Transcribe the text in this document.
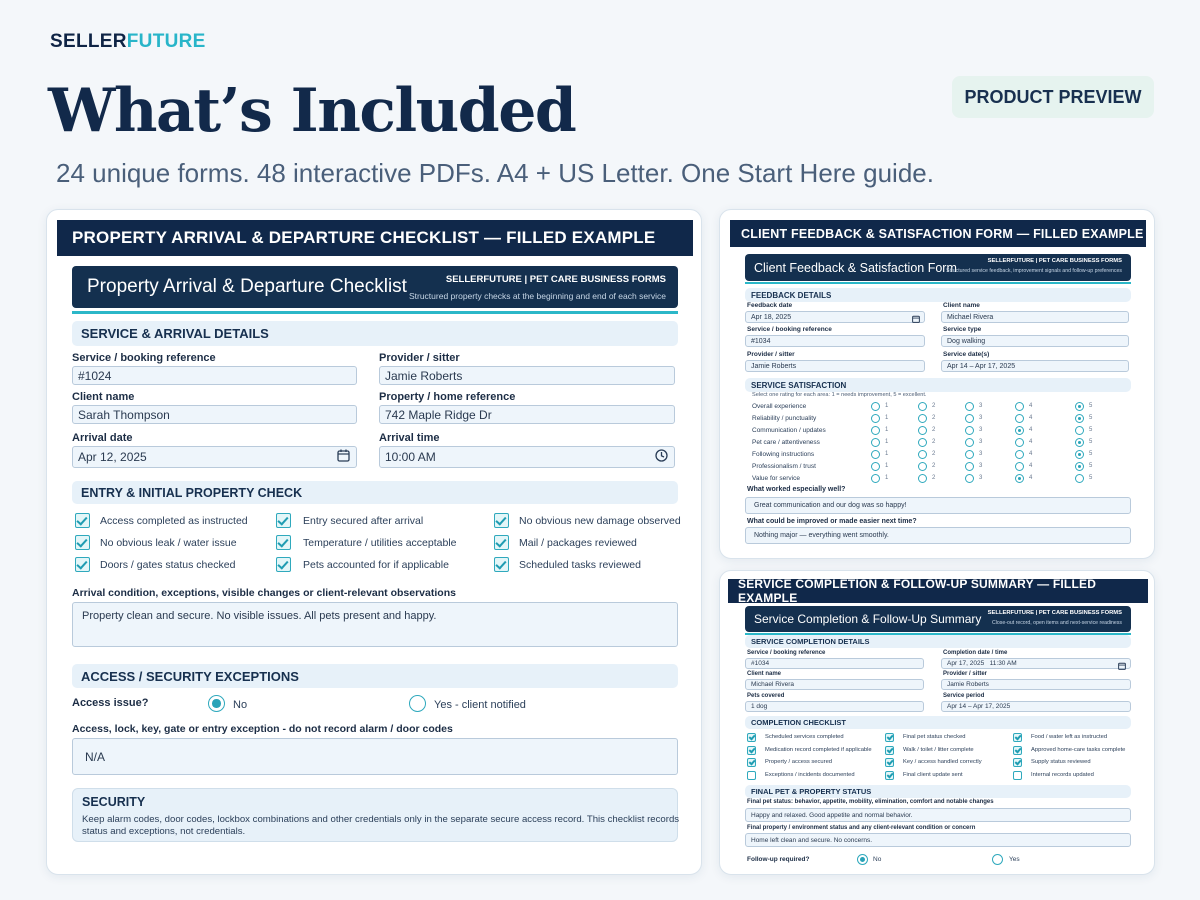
SELLERFUTURE
What’s Included
24 unique forms. 48 interactive PDFs. A4 + US Letter. One Start Here guide.
PRODUCT PREVIEW
PROPERTY ARRIVAL & DEPARTURE CHECKLIST — FILLED EXAMPLE
Property Arrival & Departure Checklist	SELLERFUTURE | PET CARE BUSINESS FORMS
Structured property checks at the beginning and end of each service
SERVICE & ARRIVAL DETAILS
Service / booking reference
#1024
Provider / sitter
Jamie Roberts
Client name
Sarah Thompson
Property / home reference
742 Maple Ridge Dr
Arrival date
Apr 12, 2025
Arrival time
10:00 AM
ENTRY & INITIAL PROPERTY CHECK
Access completed as instructed	Entry secured after arrival	No obvious new damage observed
No obvious leak / water issue	Temperature / utilities acceptable	Mail / packages reviewed
Doors / gates status checked	Pets accounted for if applicable	Scheduled tasks reviewed
Arrival condition, exceptions, visible changes or client-relevant observations
Property clean and secure. No visible issues. All pets present and happy.
ACCESS / SECURITY EXCEPTIONS
Access issue?	No	Yes - client notified
Access, lock, key, gate or entry exception - do not record alarm / door codes
N/A
SECURITY
Keep alarm codes, door codes, lockbox combinations and other credentials only in the separate secure access record. This checklist records
status and exceptions, not credentials.
CLIENT FEEDBACK & SATISFACTION FORM — FILLED EXAMPLE
Client Feedback & Satisfaction Form	SELLERFUTURE | PET CARE BUSINESS FORMS
Structured service feedback, improvement signals and follow-up preferences
FEEDBACK DETAILS
Feedback date
Apr 18, 2025
Client name
Michael Rivera
Service / booking reference
#1034
Service type
Dog walking
Provider / sitter
Jamie Roberts
Service date(s)
Apr 14 – Apr 17, 2025
SERVICE SATISFACTION
Select one rating for each area: 1 = needs improvement, 5 = excellent.
Overall experience	1	2	3	4	5
Reliability / punctuality	1	2	3	4	5
Communication / updates	1	2	3	4	5
Pet care / attentiveness	1	2	3	4	5
Following instructions	1	2	3	4	5
Professionalism / trust	1	2	3	4	5
Value for service	1	2	3	4	5
What worked especially well?
Great communication and our dog was so happy!
What could be improved or made easier next time?
Nothing major — everything went smoothly.
SERVICE COMPLETION & FOLLOW-UP SUMMARY — FILLED EXAMPLE
Service Completion & Follow-Up Summary SELLERFUTURE | PET CARE BUSINESS FORMS
Close-out record, open items and next-service readiness
SERVICE COMPLETION DETAILS
Service / booking reference
#1034
Completion date / time
Apr 17, 2025   11:30 AM
Client name
Michael Rivera
Provider / sitter
Jamie Roberts
Pets covered
1 dog
Service period
Apr 14 – Apr 17, 2025
COMPLETION CHECKLIST
Scheduled services completed	Final pet status checked	Food / water left as instructed
Medication record completed if applicable	Walk / toilet / litter complete	Approved home-care tasks complete
Property / access secured	Key / access handled correctly	Supply status reviewed
Exceptions / incidents documented	Final client update sent	Internal records updated
FINAL PET & PROPERTY STATUS
Final pet status: behavior, appetite, mobility, elimination, comfort and notable changes
Happy and relaxed. Good appetite and normal behavior.
Final property / environment status and any client-relevant condition or concern
Home left clean and secure. No concerns.
Follow-up required?	No	Yes
